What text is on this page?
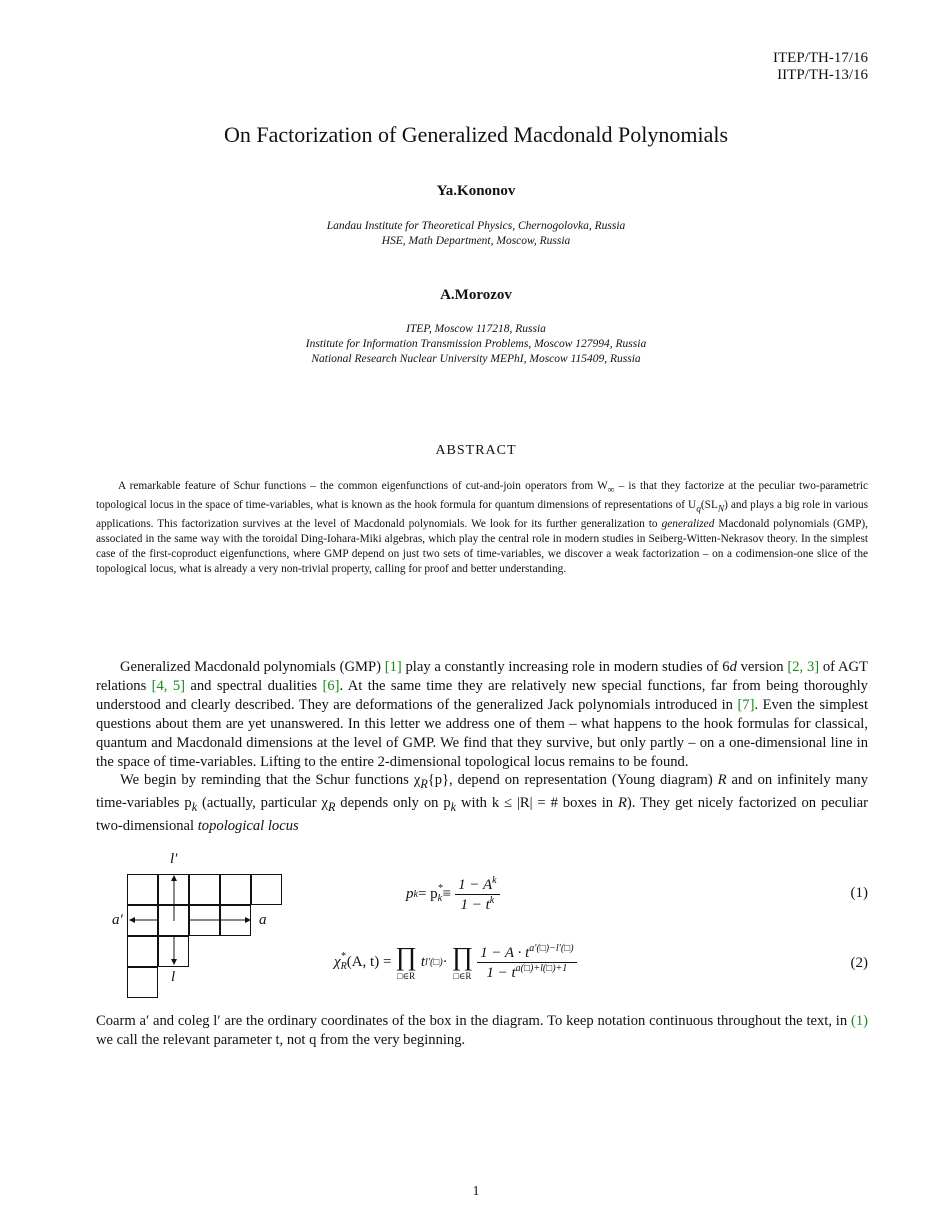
ITEP/TH-17/16
IITP/TH-13/16
On Factorization of Generalized Macdonald Polynomials
Ya.Kononov
Landau Institute for Theoretical Physics, Chernogolovka, Russia
HSE, Math Department, Moscow, Russia
A.Morozov
ITEP, Moscow 117218, Russia
Institute for Information Transmission Problems, Moscow 127994, Russia
National Research Nuclear University MEPhI, Moscow 115409, Russia
ABSTRACT

A remarkable feature of Schur functions – the common eigenfunctions of cut-and-join operators from $W_\infty$ – is that they factorize at the peculiar two-parametric topological locus in the space of time-variables, what is known as the hook formula for quantum dimensions of representations of $U_q(SL_N)$ and plays a big role in various applications. This factorization survives at the level of Macdonald polynomials. We look for its further generalization to generalized Macdonald polynomials (GMP), associated in the same way with the toroidal Ding-Iohara-Miki algebras, which play the central role in modern studies in Seiberg-Witten-Nekrasov theory. In the simplest case of the first-coproduct eigenfunctions, where GMP depend on just two sets of time-variables, we discover a weak factorization – on a codimension-one slice of the topological locus, what is already a very non-trivial property, calling for proof and better understanding.

Generalized Macdonald polynomials (GMP) [1] play a constantly increasing role in modern studies of 6d version [2, 3] of AGT relations [4, 5] and spectral dualities [6]. At the same time they are relatively new special functions, far from being thoroughly understood and clearly described. They are deformations of the generalized Jack polynomials introduced in [7]. Even the simplest questions about them are yet unanswered. In this letter we address one of them – what happens to the hook formulas for classical, quantum and Macdonald dimensions at the level of GMP. We find that they survive, but only partly – on a one-dimensional line in the space of time-variables. Lifting to the entire 2-dimensional topological locus remains to be found.

We begin by reminding that the Schur functions $\chi_R\{p\}$, depend on representation (Young diagram) R and on infinitely many time-variables $p_k$ (actually, particular $\chi_R$ depends only on $p_k$ with k ≤ |R| = # boxes in R). They get nicely factorized on peculiar two-dimensional topological locus

l′
a′	a
l
p k = p *
$k \equiv \frac{1 - A^k}{1 - t^k}$	(1)
χ *
R (A, t) = ∏
□∈R
t l′(□) · ∏
□∈R $\frac{1 - A \cdot t^{a'(□)-l'(□)}}{1 - t^{a(□)+l(□)+1}}$	(2)

Coarm a′ and coleg l′ are the ordinary coordinates of the box in the diagram. To keep notation continuous throughout the text, in (1) we call the relevant parameter t, not q from the very beginning.

1
